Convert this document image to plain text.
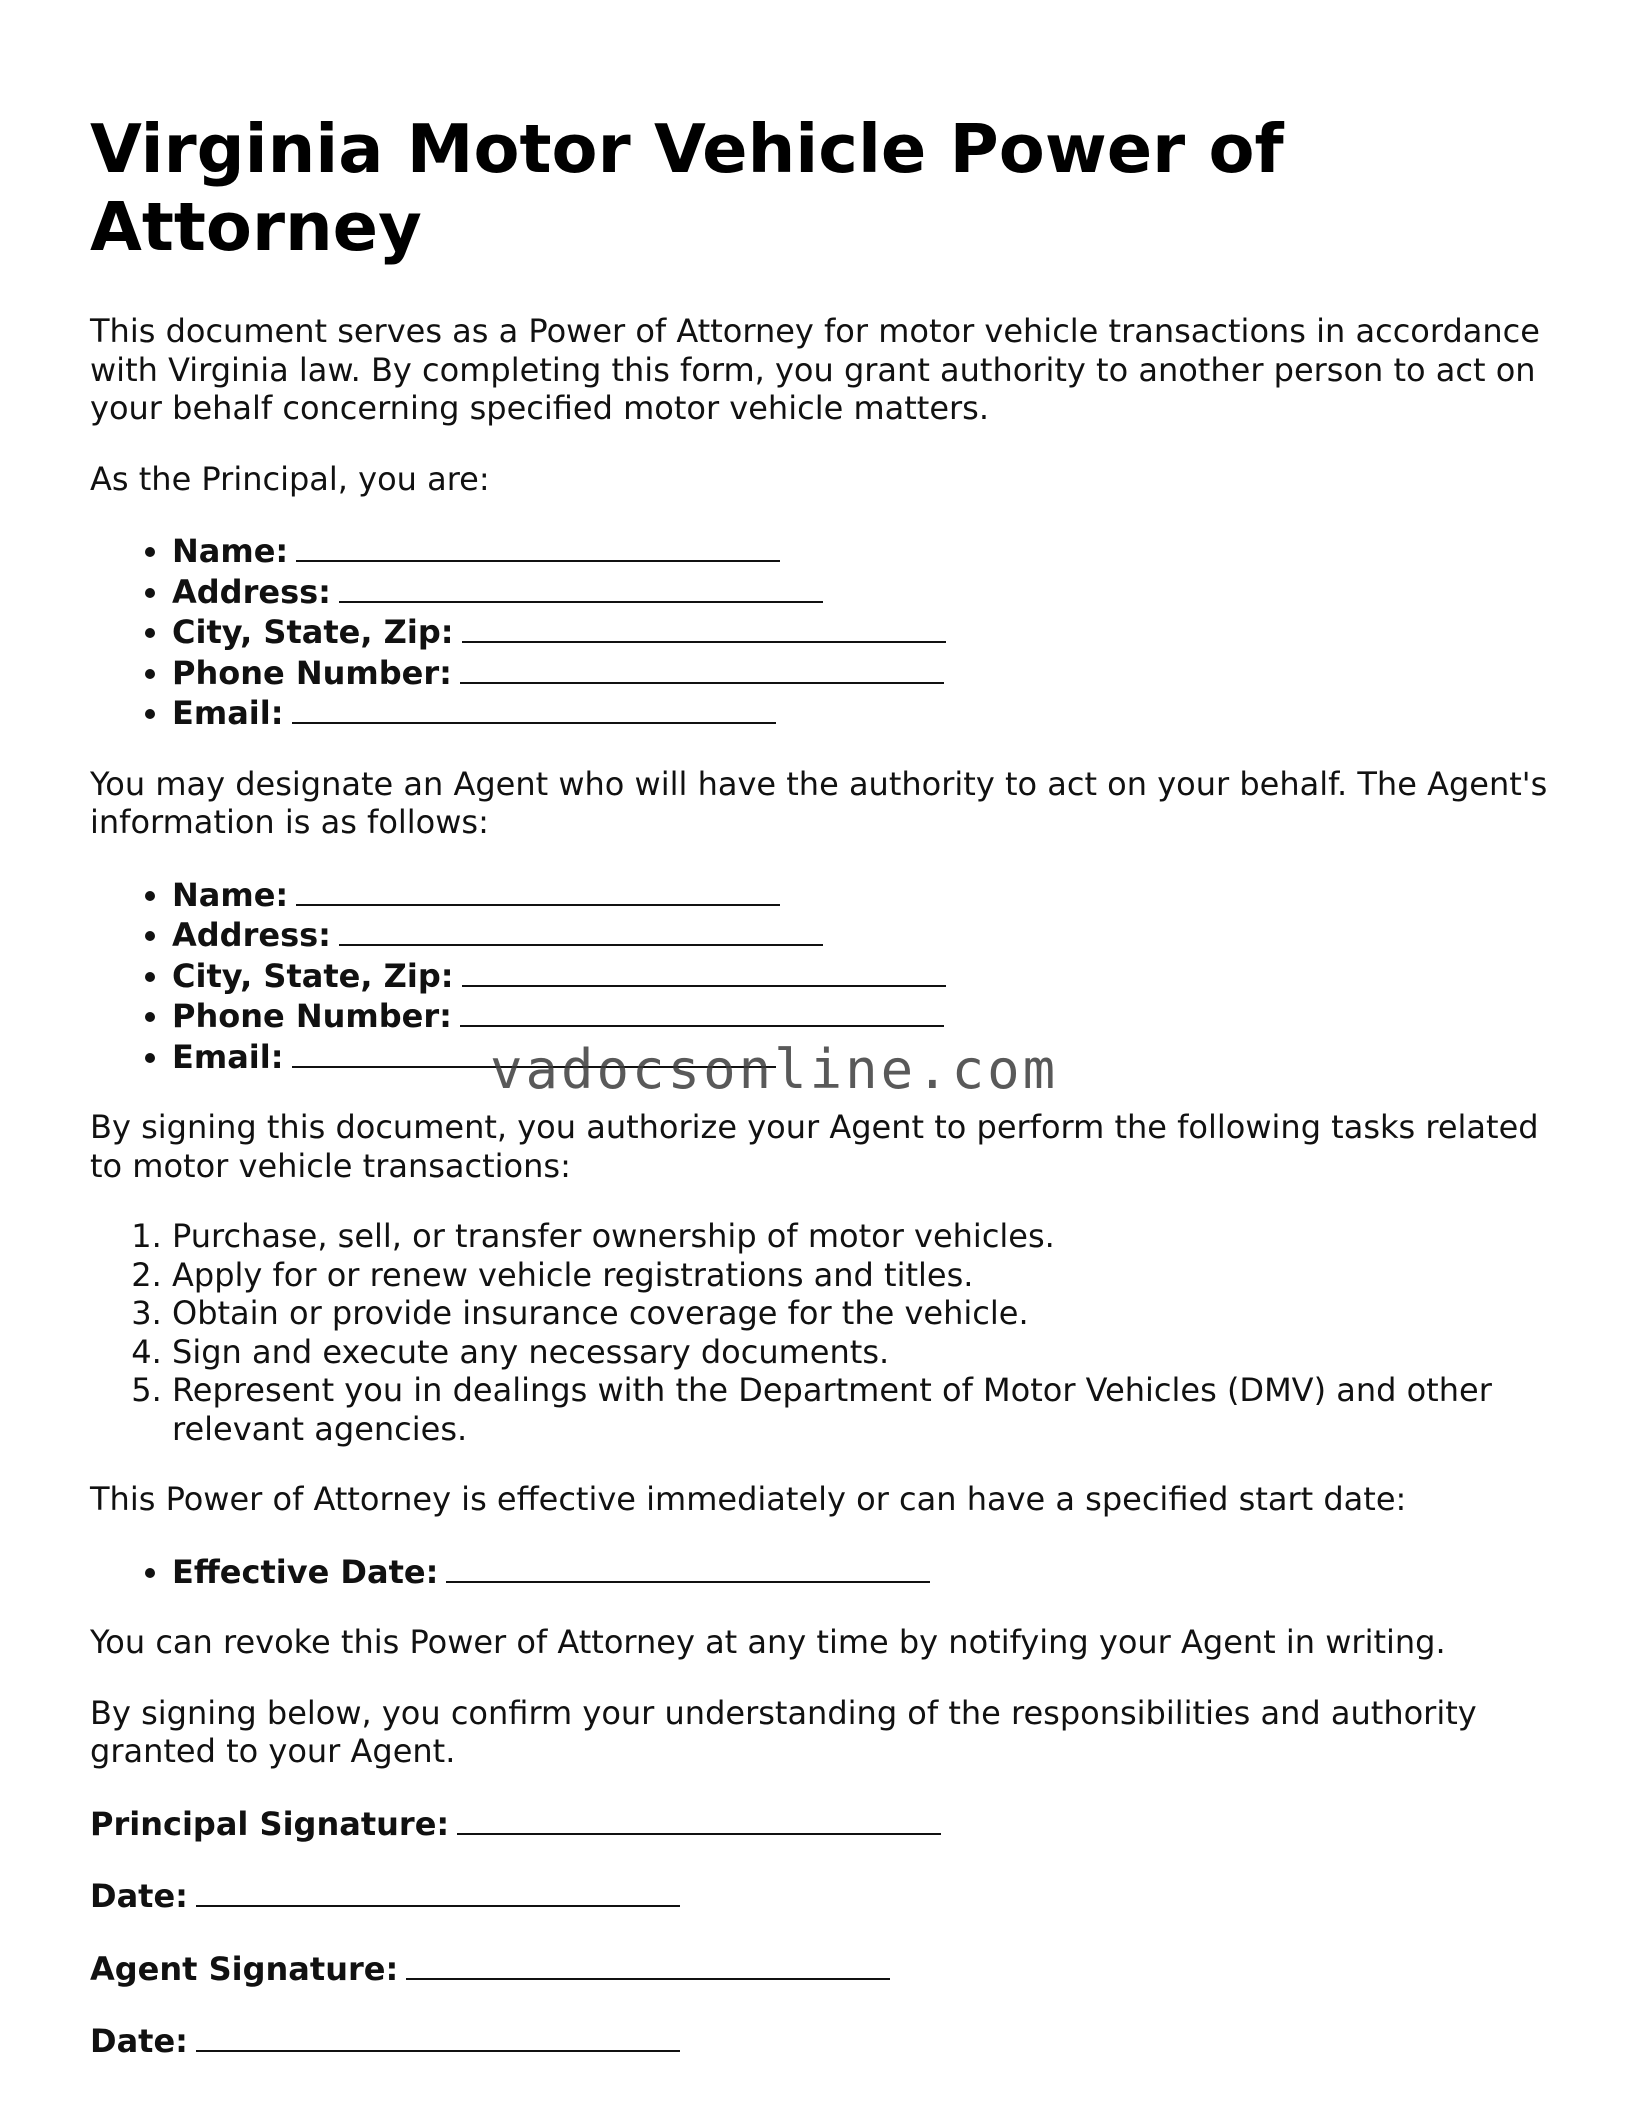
Virginia Motor Vehicle Power of Attorney

This document serves as a Power of Attorney for motor vehicle transactions in accordance with Virginia law. By completing this form, you grant authority to another person to act on your behalf concerning specified motor vehicle matters.

As the Principal, you are:

• Name:
• Address:
• City, State, Zip:
• Phone Number:
• Email:

You may designate an Agent who will have the authority to act on your behalf. The Agent's information is as follows:

• Name:
• Address:
• City, State, Zip:
• Phone Number:
• Email:

By signing this document, you authorize your Agent to perform the following tasks related to motor vehicle transactions:

1. Purchase, sell, or transfer ownership of motor vehicles.
2. Apply for or renew vehicle registrations and titles.
3. Obtain or provide insurance coverage for the vehicle.
4. Sign and execute any necessary documents.
5. Represent you in dealings with the Department of Motor Vehicles (DMV) and other relevant agencies.

This Power of Attorney is effective immediately or can have a specified start date:

• Effective Date:

You can revoke this Power of Attorney at any time by notifying your Agent in writing.

By signing below, you confirm your understanding of the responsibilities and authority granted to your Agent.

Principal Signature:
Date:
Agent Signature:
Date:
vadocsonline.com
